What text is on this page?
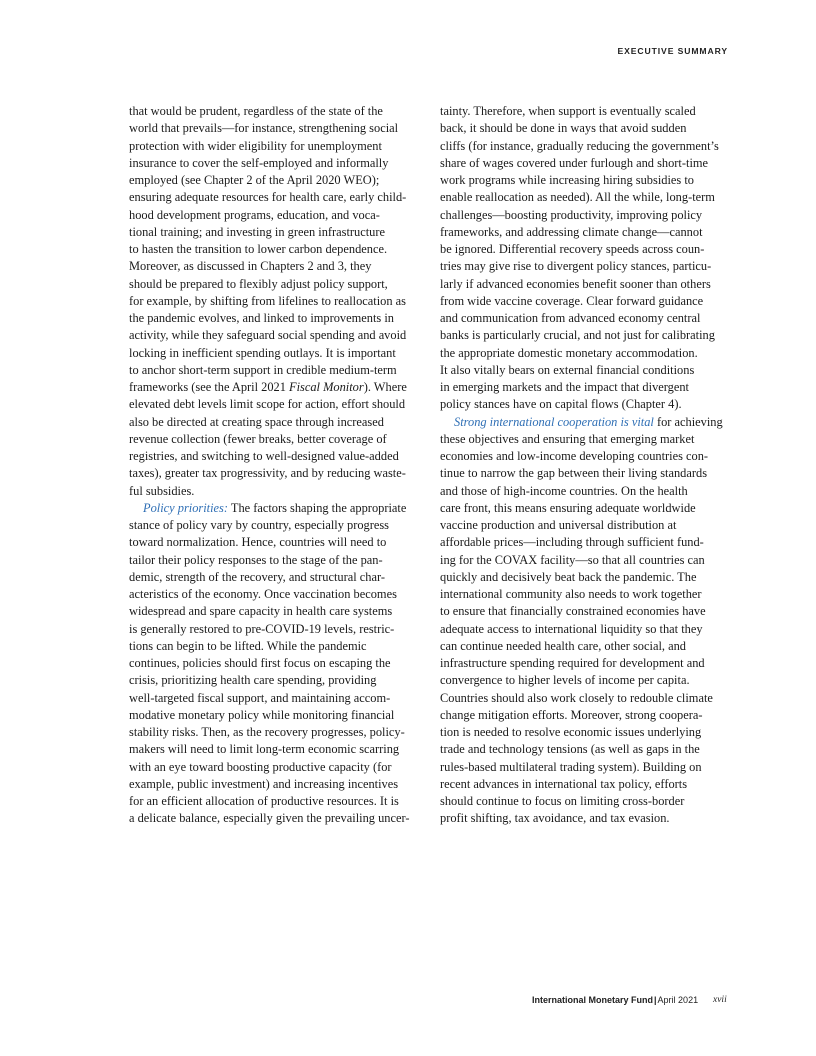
EXECUTIVE SUMMARY

that would be prudent, regardless of the state of the
world that prevails—for instance, strengthening social
protection with wider eligibility for unemployment
insurance to cover the self-employed and informally
employed (see Chapter 2 of the April 2020 WEO);
ensuring adequate resources for health care, early child-
hood development programs, education, and voca-
tional training; and investing in green infrastructure
to hasten the transition to lower carbon dependence.
Moreover, as discussed in Chapters 2 and 3, they
should be prepared to flexibly adjust policy support,
for example, by shifting from lifelines to reallocation as
the pandemic evolves, and linked to improvements in
activity, while they safeguard social spending and avoid
locking in inefficient spending outlays. It is important
to anchor short-term support in credible medium-term
frameworks (see the April 2021 Fiscal Monitor). Where
elevated debt levels limit scope for action, effort should
also be directed at creating space through increased
revenue collection (fewer breaks, better coverage of
registries, and switching to well-designed value-added
taxes), greater tax progressivity, and by reducing waste-
ful subsidies.

Policy priorities: The factors shaping the appropriate
stance of policy vary by country, especially progress
toward normalization. Hence, countries will need to
tailor their policy responses to the stage of the pan-
demic, strength of the recovery, and structural char-
acteristics of the economy. Once vaccination becomes
widespread and spare capacity in health care systems
is generally restored to pre-COVID-19 levels, restric-
tions can begin to be lifted. While the pandemic
continues, policies should first focus on escaping the
crisis, prioritizing health care spending, providing
well-targeted fiscal support, and maintaining accom-
modative monetary policy while monitoring financial
stability risks. Then, as the recovery progresses, policy-
makers will need to limit long-term economic scarring
with an eye toward boosting productive capacity (for
example, public investment) and increasing incentives
for an efficient allocation of productive resources. It is
a delicate balance, especially given the prevailing uncer-

tainty. Therefore, when support is eventually scaled
back, it should be done in ways that avoid sudden
cliffs (for instance, gradually reducing the government’s
share of wages covered under furlough and short-time
work programs while increasing hiring subsidies to
enable reallocation as needed). All the while, long-term
challenges—boosting productivity, improving policy
frameworks, and addressing climate change—cannot
be ignored. Differential recovery speeds across coun-
tries may give rise to divergent policy stances, particu-
larly if advanced economies benefit sooner than others
from wide vaccine coverage. Clear forward guidance
and communication from advanced economy central
banks is particularly crucial, and not just for calibrating
the appropriate domestic monetary accommodation.
It also vitally bears on external financial conditions
in emerging markets and the impact that divergent
policy stances have on capital flows (Chapter 4).

Strong international cooperation is vital for achieving
these objectives and ensuring that emerging market
economies and low-income developing countries con-
tinue to narrow the gap between their living standards
and those of high-income countries. On the health
care front, this means ensuring adequate worldwide
vaccine production and universal distribution at
affordable prices—including through sufficient fund-
ing for the COVAX facility—so that all countries can
quickly and decisively beat back the pandemic. The
international community also needs to work together
to ensure that financially constrained economies have
adequate access to international liquidity so that they
can continue needed health care, other social, and
infrastructure spending required for development and
convergence to higher levels of income per capita.
Countries should also work closely to redouble climate
change mitigation efforts. Moreover, strong coopera-
tion is needed to resolve economic issues underlying
trade and technology tensions (as well as gaps in the
rules-based multilateral trading system). Building on
recent advances in international tax policy, efforts
should continue to focus on limiting cross-border
profit shifting, tax avoidance, and tax evasion.

International Monetary Fund|April 2021 xvii
